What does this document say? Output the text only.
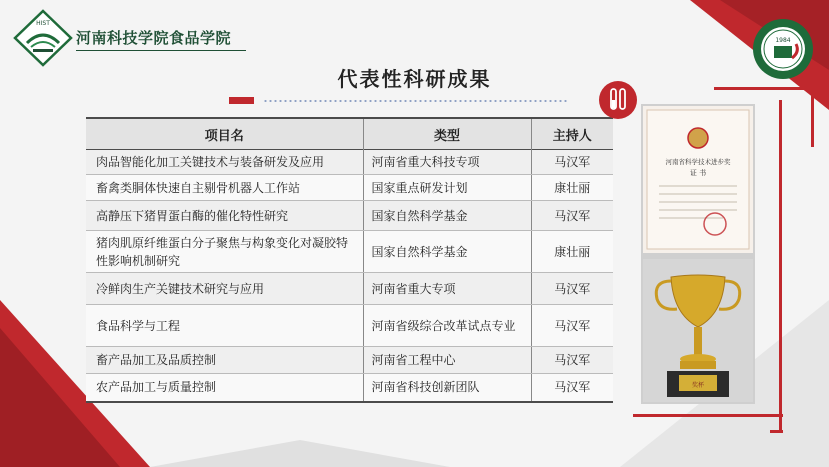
HIST
河南科技学院食品学院	1984
代表性科研成果
项目名	类型	主持人
肉品智能化加工关键技术与装备研发及应用	河南省重大科技专项	马汉军
畜禽类胴体快速自主剔骨机器人工作站	国家重点研发计划	康壮丽
高静压下猪胃蛋白酶的催化特性研究	国家自然科学基金	马汉军
猪肉肌原纤维蛋白分子聚焦与构象变化对凝胶特性影响机制研究	国家自然科学基金	康壮丽
冷鲜肉生产关键技术研究与应用	河南省重大专项	马汉军
食品科学与工程	河南省级综合改革试点专业	马汉军
畜产品加工及品质控制	河南省工程中心	马汉军
农产品加工与质量控制	河南省科技创新团队	马汉军
河南省科学技术进步奖
证 书
奖杯
